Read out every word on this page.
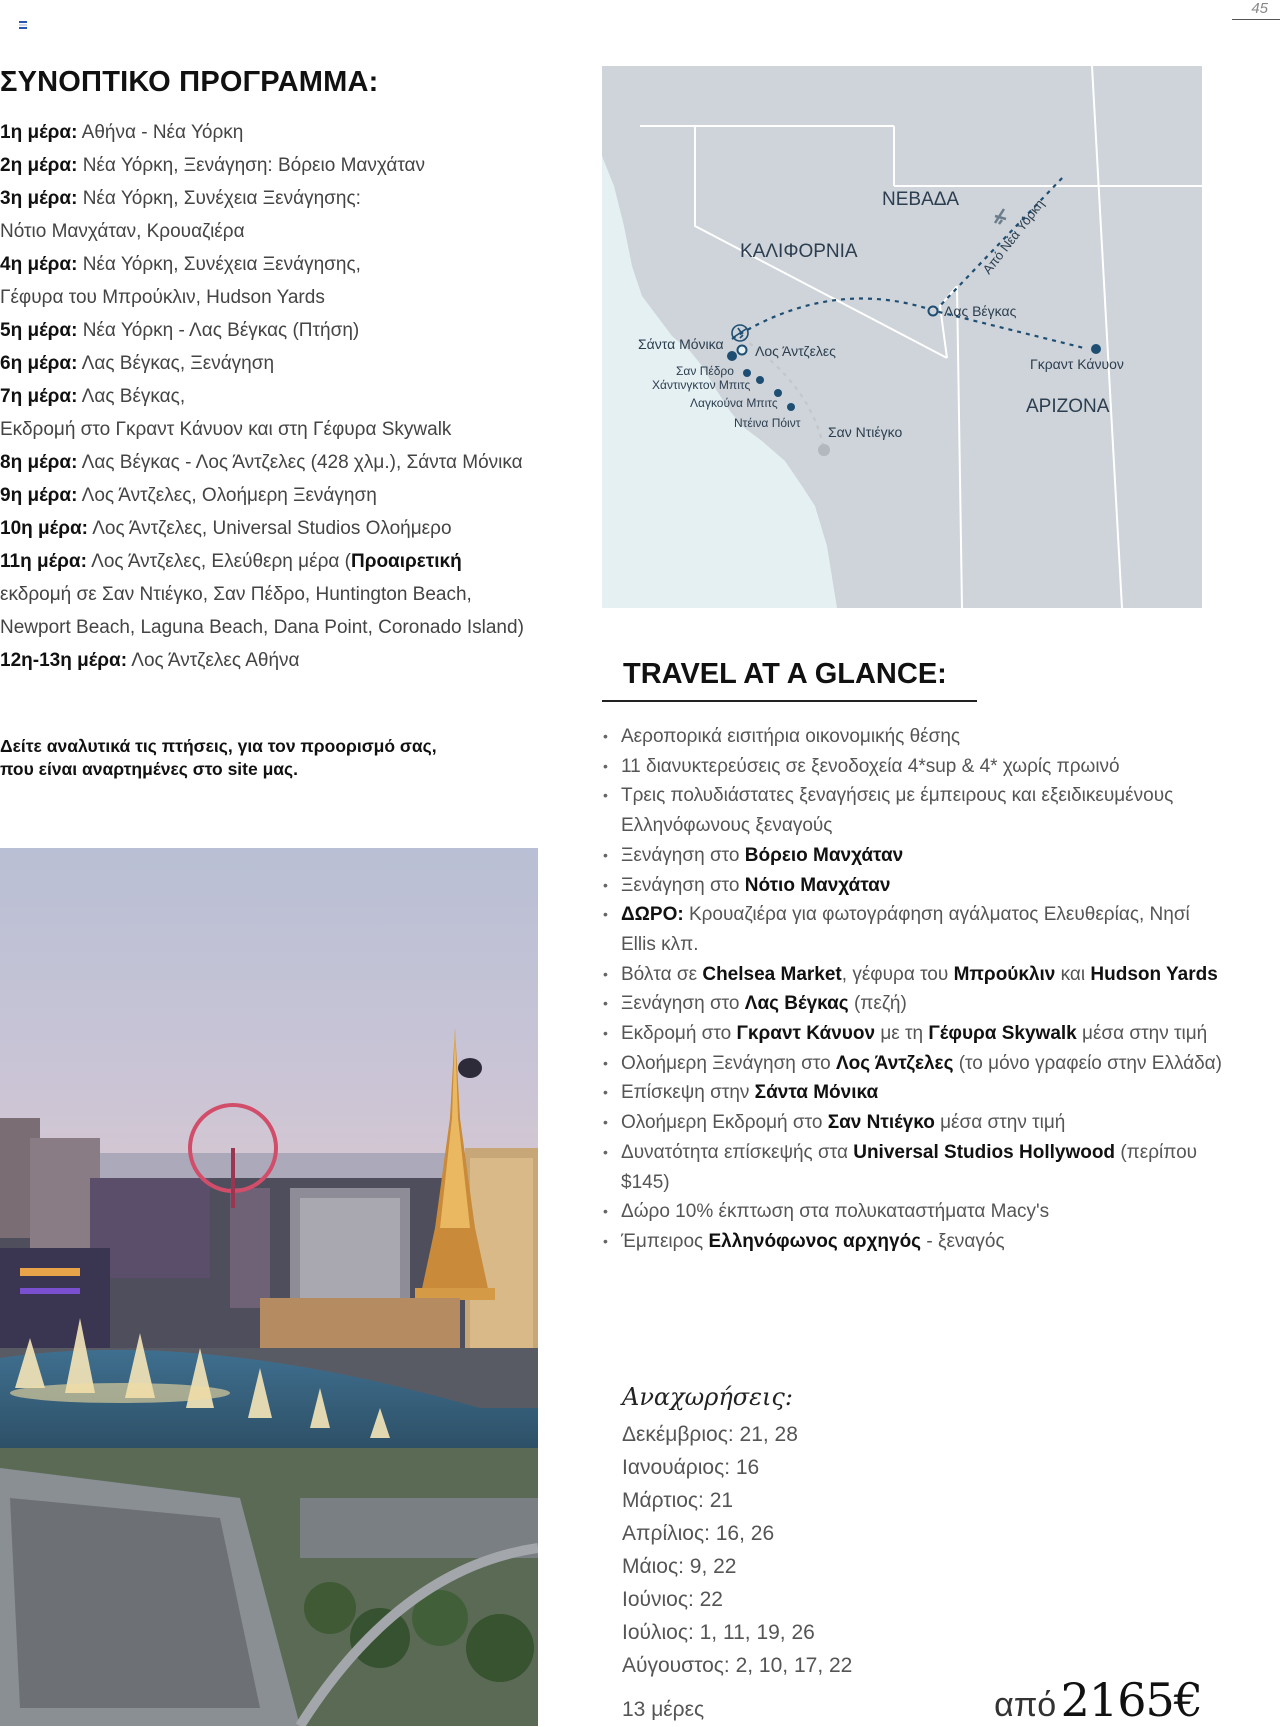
45
ΣΥΝΟΠΤΙΚΟ ΠΡΟΓΡΑΜΜΑ:
1η μέρα: Αθήνα - Νέα Υόρκη
2η μέρα: Νέα Υόρκη, Ξενάγηση: Βόρειο Μανχάταν
3η μέρα: Νέα Υόρκη, Συνέχεια Ξενάγησης:
Νότιο Μανχάταν, Κρουαζιέρα
4η μέρα: Νέα Υόρκη, Συνέχεια Ξενάγησης,
Γέφυρα του Μπρούκλιν, Hudson Yards
5η μέρα: Νέα Υόρκη - Λας Βέγκας (Πτήση)
6η μέρα: Λας Βέγκας, Ξενάγηση
7η μέρα: Λας Βέγκας,
Εκδρομή στο Γκραντ Κάνυον και στη Γέφυρα Skywalk
8η μέρα: Λας Βέγκας - Λος Άντζελες (428 χλμ.), Σάντα Μόνικα
9η μέρα: Λος Άντζελες, Ολοήμερη Ξενάγηση
10η μέρα: Λος Άντζελες, Universal Studios Ολοήμερο
11η μέρα: Λος Άντζελες, Ελεύθερη μέρα (Προαιρετική
εκδρομή σε Σαν Ντιέγκο, Σαν Πέδρο, Huntington Beach,
Newport Beach, Laguna Beach, Dana Point, Coronado Island)
12η-13η μέρα: Λος Άντζελες Αθήνα
Δείτε αναλυτικά τις πτήσεις, για τον προορισμό σας,
που είναι αναρτημένες στο site μας.
ΚΑΛΙΦΟΡΝΙΑ
ΝΕΒΑΔΑ
ΑΡΙΖΟΝΑ
Από Νέα Υόρκη
Λας Βέγκας
Γκραντ Κάνυον
Σάντα Μόνικα Λος Άντζελες
Σαν Πέδρο
Χάντινγκτον Μπιτς
Λαγκούνα Μπιτς
Ντέινα Πόιντ
Σαν Ντιέγκο
TRAVEL AT A GLANCE:
• Αεροπορικά εισιτήρια οικονομικής θέσης
• 11 διανυκτερεύσεις σε ξενοδοχεία 4*sup & 4* χωρίς πρωινό
• Τρεις πολυδιάστατες ξεναγήσεις με έμπειρους και εξειδικευμένους Ελληνόφωνους ξεναγούς
• Ξενάγηση στο Βόρειο Μανχάταν
• Ξενάγηση στο Νότιο Μανχάταν
• ΔΩΡΟ: Κρουαζιέρα για φωτογράφηση αγάλματος Ελευθερίας, Νησί Ellis κλπ.
• Βόλτα σε Chelsea Market, γέφυρα του Μπρούκλιν και Hudson Yards
• Ξενάγηση στο Λας Βέγκας (πεζή)
• Εκδρομή στο Γκραντ Κάνυον με τη Γέφυρα Skywalk μέσα στην τιμή
• Ολοήμερη Ξενάγηση στο Λος Άντζελες (το μόνο γραφείο στην Ελλάδα)
• Επίσκεψη στην Σάντα Μόνικα
• Ολοήμερη Εκδρομή στο Σαν Ντιέγκο μέσα στην τιμή
• Δυνατότητα επίσκεψής στα Universal Studios Hollywood (περίπου $145)
• Δώρο 10% έκπτωση στα πολυκαταστήματα Macy's
• Έμπειρος Ελληνόφωνος αρχηγός - ξεναγός
Αναχωρήσεις:
Δεκέμβριος: 21, 28
Ιανουάριος: 16
Μάρτιος: 21
Απρίλιος: 16, 26
Μάιος: 9, 22
Ιούνιος: 22
Ιούλιος: 1, 11, 19, 26
Αύγουστος: 2, 10, 17, 22
13 μέρες	από 2165€
